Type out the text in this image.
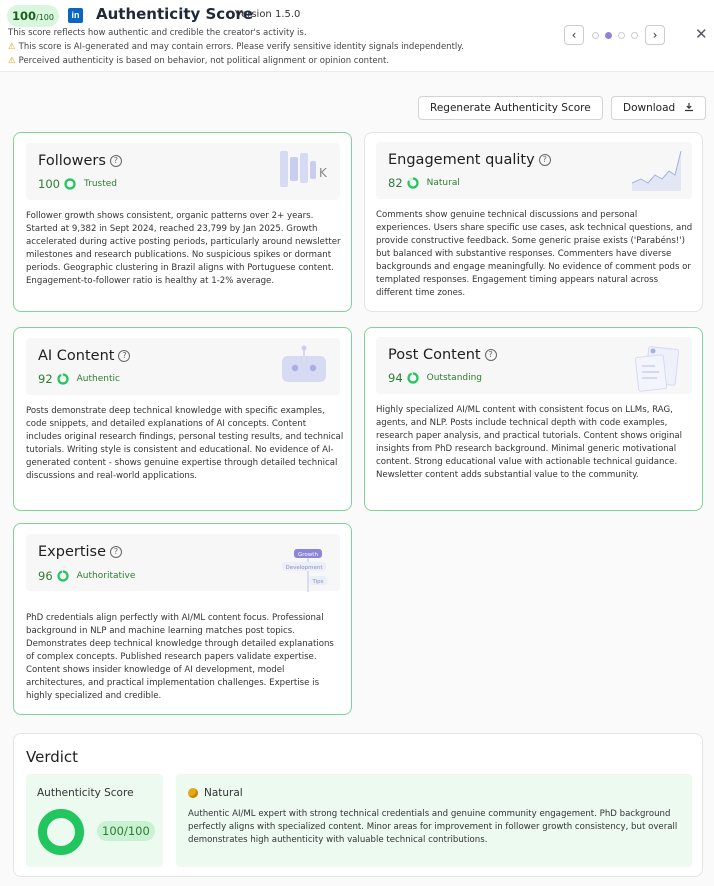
100/100	in Authenticity Score
Version 1.5.0
This score reflects how authentic and credible the creator's activity is.
⚠ This score is AI-generated and may contain errors. Please verify sensitive identity signals independently.
⚠ Perceived authenticity is based on behavior, not political alignment or opinion content.
‹	›	✕
Regenerate Authenticity Score	Download
Followers ?
100	Trusted
K
Follower growth shows consistent, organic patterns over 2+ years. Started at 9,382 in Sept 2024, reached 23,799 by Jan 2025. Growth accelerated during active posting periods, particularly around newsletter milestones and research publications. No suspicious spikes or dormant periods. Geographic clustering in Brazil aligns with Portuguese content. Engagement-to-follower ratio is healthy at 1-2% average.
Engagement quality ?
82	Natural
Comments show genuine technical discussions and personal experiences. Users share specific use cases, ask technical questions, and provide constructive feedback. Some generic praise exists ('Parabéns!') but balanced with substantive responses. Commenters have diverse backgrounds and engage meaningfully. No evidence of comment pods or templated responses. Engagement timing appears natural across different time zones.
AI Content ?
92	Authentic
Posts demonstrate deep technical knowledge with specific examples, code snippets, and detailed explanations of AI concepts. Content includes original research findings, personal testing results, and technical tutorials. Writing style is consistent and educational. No evidence of AI-generated content - shows genuine expertise through detailed technical discussions and real-world applications.
Post Content ?
94	Outstanding
Highly specialized AI/ML content with consistent focus on LLMs, RAG, agents, and NLP. Posts include technical depth with code examples, research paper analysis, and practical tutorials. Content shows original insights from PhD research background. Minimal generic motivational content. Strong educational value with actionable technical guidance. Newsletter content adds substantial value to the community.
Expertise ?
96	Authoritative
Growth
Development
Tips
PhD credentials align perfectly with AI/ML content focus. Professional background in NLP and machine learning matches post topics. Demonstrates deep technical knowledge through detailed explanations of complex concepts. Published research papers validate expertise. Content shows insider knowledge of AI development, model architectures, and practical implementation challenges. Expertise is highly specialized and credible.
Verdict
Authenticity Score
100/100
Natural
Authentic AI/ML expert with strong technical credentials and genuine community engagement. PhD background perfectly aligns with specialized content. Minor areas for improvement in follower growth consistency, but overall demonstrates high authenticity with valuable technical contributions.
